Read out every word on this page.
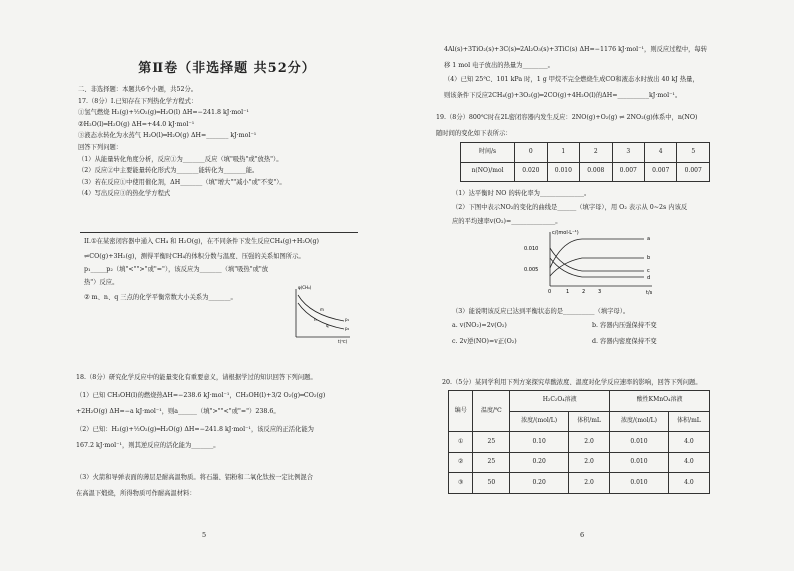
第Ⅱ卷（非选择题 共52分）
二、非选择题：本题共6个小题，共52分。
17.（8分）I.已知存在下列热化学方程式：
①氢气燃烧 H₂(g)+½O₂(g)═H₂O(l) ΔH=−241.8 kJ·mol⁻¹
②H₂O(l)═H₂O(g) ΔH=+44.0 kJ·mol⁻¹
③液态水转化为水蒸气 H₂O(l)═H₂O(g) ΔH=_______ kJ·mol⁻¹
回答下列问题：
（1）从能量转化角度分析，反应①为_______反应（填"吸热"或"放热"）。
（2）反应②中主要能量转化形式为_______能转化为_______能。
（3）若在反应①中使用催化剂，ΔH_______（填"增大""减小"或"不变"）。
（4）写出反应③的热化学方程式
II.①在某密闭容器中通入 CH₄ 和 H₂O(g)，在不同条件下发生反应CH₄(g)+H₂O(g)
⇌CO(g)+3H₂(g)，测得平衡时CH₄的体积分数与温度、压强的关系如图所示。
p₁_____p₂（填"<"">"或"="），该反应为_______（填"吸热"或"放
热"）反应。
② m、n、q 三点的化学平衡常数大小关系为_______。
φ(CH₄)
t(℃)
p₁
p₂
m
n
q
18.（8分）研究化学反应中的能量变化有重要意义，请根据学过的知识回答下列问题。
（1）已知 CH₃OH(l)的燃烧热ΔH=−238.6 kJ·mol⁻¹，CH₃OH(l)+3/2 O₂(g)═CO₂(g)
+2H₂O(g) ΔH=−a kJ·mol⁻¹，则a______（填">""<"或"="）238.6。
（2）已知：H₂(g)+½O₂(g)═H₂O(g) ΔH=−241.8 kJ·mol⁻¹，该反应的正活化能为
167.2 kJ·mol⁻¹，则其逆反应的活化能为_______。
（3）火箭和导弹表面的薄层是耐高温物质。将石墨、铝粉和二氧化钛按一定比例混合
在高温下煅烧，所得物质可作耐高温材料：
5
4Al(s)+3TiO₂(s)+3C(s)═2Al₂O₃(s)+3TiC(s) ΔH=−1176 kJ·mol⁻¹，则反应过程中，每转
移 1 mol 电子放出的热量为________。
（4）已知 25℃、101 kPa 时，1 g 甲烷不完全燃烧生成CO和液态水时放出 40 kJ 热量，
则该条件下反应2CH₄(g)+3O₂(g)═2CO(g)+4H₂O(l)的ΔH=__________kJ·mol⁻¹。
19.（8分）800℃时在2L密闭容器内发生反应：2NO(g)+O₂(g) ⇌ 2NO₂(g)体系中，n(NO)
随时间的变化如下表所示：
时间/s	0	1	2	3	4	5
n(NO)/mol	0.020	0.010	0.008	0.007	0.007	0.007
（1）达平衡时 NO 的转化率为______________。
（2）下图中表示NO₂的变化的曲线是______（填字母），用 O₂ 表示从 0~2s 内该反
应的平均速率v(O₂)=______________。
c/(mol·L⁻¹)
0.010
0.005
0	1	2	3	t/s
a
b
c
d
（3）能说明该反应已达到平衡状态的是__________（填字母）。
a. v(NO₂)=2v(O₂)	b. 容器内压强保持不变
c. 2v逆(NO)=v正(O₂)	d. 容器内密度保持不变
20.（5分）某同学利用下列方案探究草酸浓度、温度对化学反应速率的影响，回答下列问题。
编号	温度/℃	H₂C₂O₄溶液		酸性KMnO₄溶液	
		浓度/(mol/L)	体积/mL	浓度/(mol/L)	体积/mL
①	25	0.10	2.0	0.010	4.0
②	25	0.20	2.0	0.010	4.0
③	50	0.20	2.0	0.010	4.0
6
